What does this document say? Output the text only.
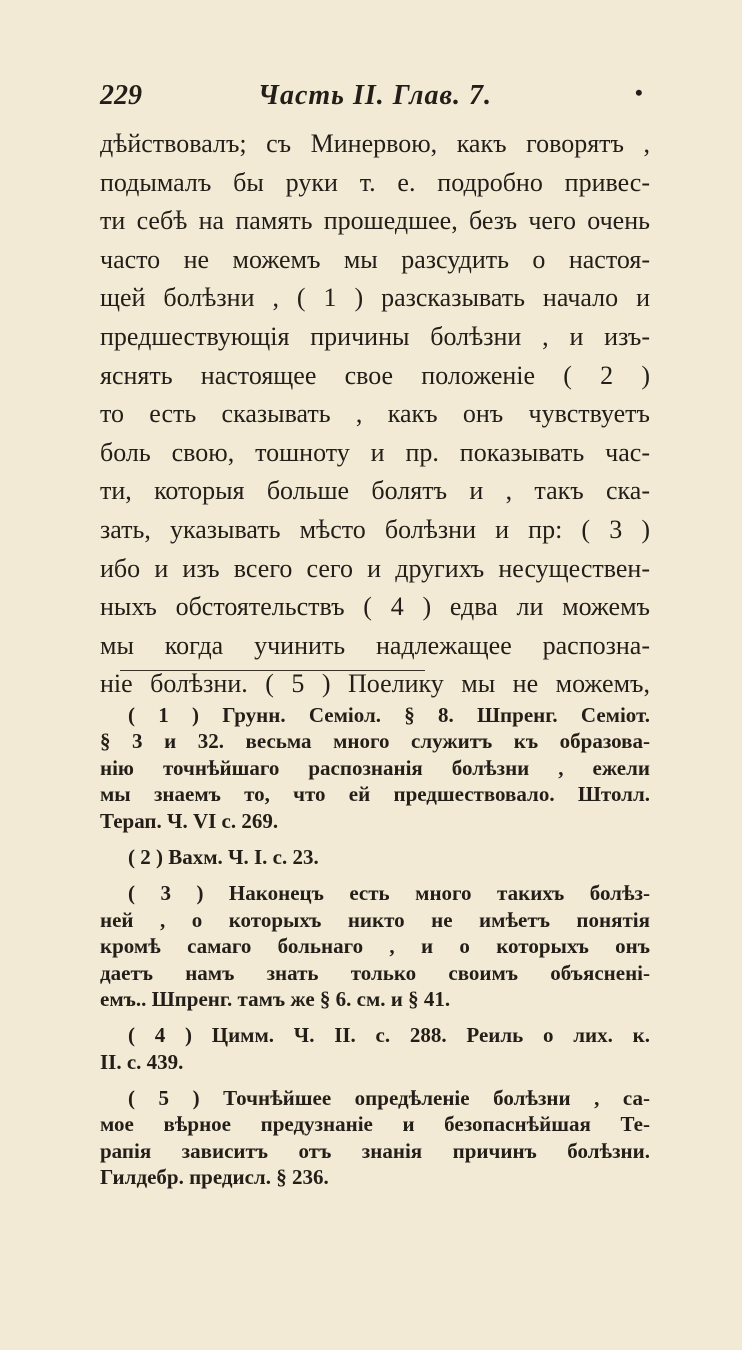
229	Часть II. Глав. 7.	•
дѣйствовалъ; съ Минервою, какъ говорятъ ,
подымалъ бы руки т. е. подробно привес-
ти себѣ на память прошедшее, безъ чего очень
часто не можемъ мы разсудить о настоя-
щей болѣзни , ( 1 ) разсказывать начало и
предшествующія причины болѣзни , и изъ-
яснять настоящее свое положеніе ( 2 )
то есть сказывать , какъ онъ чувствуетъ
боль свою, тошноту и пр. показывать час-
ти, которыя больше болятъ и , такъ ска-
зать, указывать мѣсто болѣзни и пр: ( 3 )
ибо и изъ всего сего и другихъ несуществен-
ныхъ обстоятельствъ ( 4 ) едва ли можемъ
мы когда учинить надлежащее распозна-
ніе болѣзни. ( 5 ) Поелику мы не можемъ,
( 1 ) Грунн. Семіол. § 8. Шпренг. Семіот.
§ 3 и 32. весьма много служитъ къ образова-
нію точнѣйшаго распознанія болѣзни , ежели
мы знаемъ то, что ей предшествовало. Штолл.
Терап. Ч. VI с. 269.
( 2 ) Вахм. Ч. I. с. 23.
( 3 ) Наконецъ есть много такихъ болѣз-
ней , о которыхъ никто не имѣетъ понятія
кромѣ самаго больнаго , и о которыхъ онъ
даетъ намъ знать только своимъ объяснені-
емъ.. Шпренг. тамъ же § 6. см. и § 41.
( 4 ) Цимм. Ч. II. с. 288. Реиль о лих. к.
II. с. 439.
( 5 ) Точнѣйшее опредѣленіе болѣзни , са-
мое вѣрное предузнаніе и безопаснѣйшая Те-
рапія зависитъ отъ знанія причинъ болѣзни.
Гилдебр. предисл. § 236.
